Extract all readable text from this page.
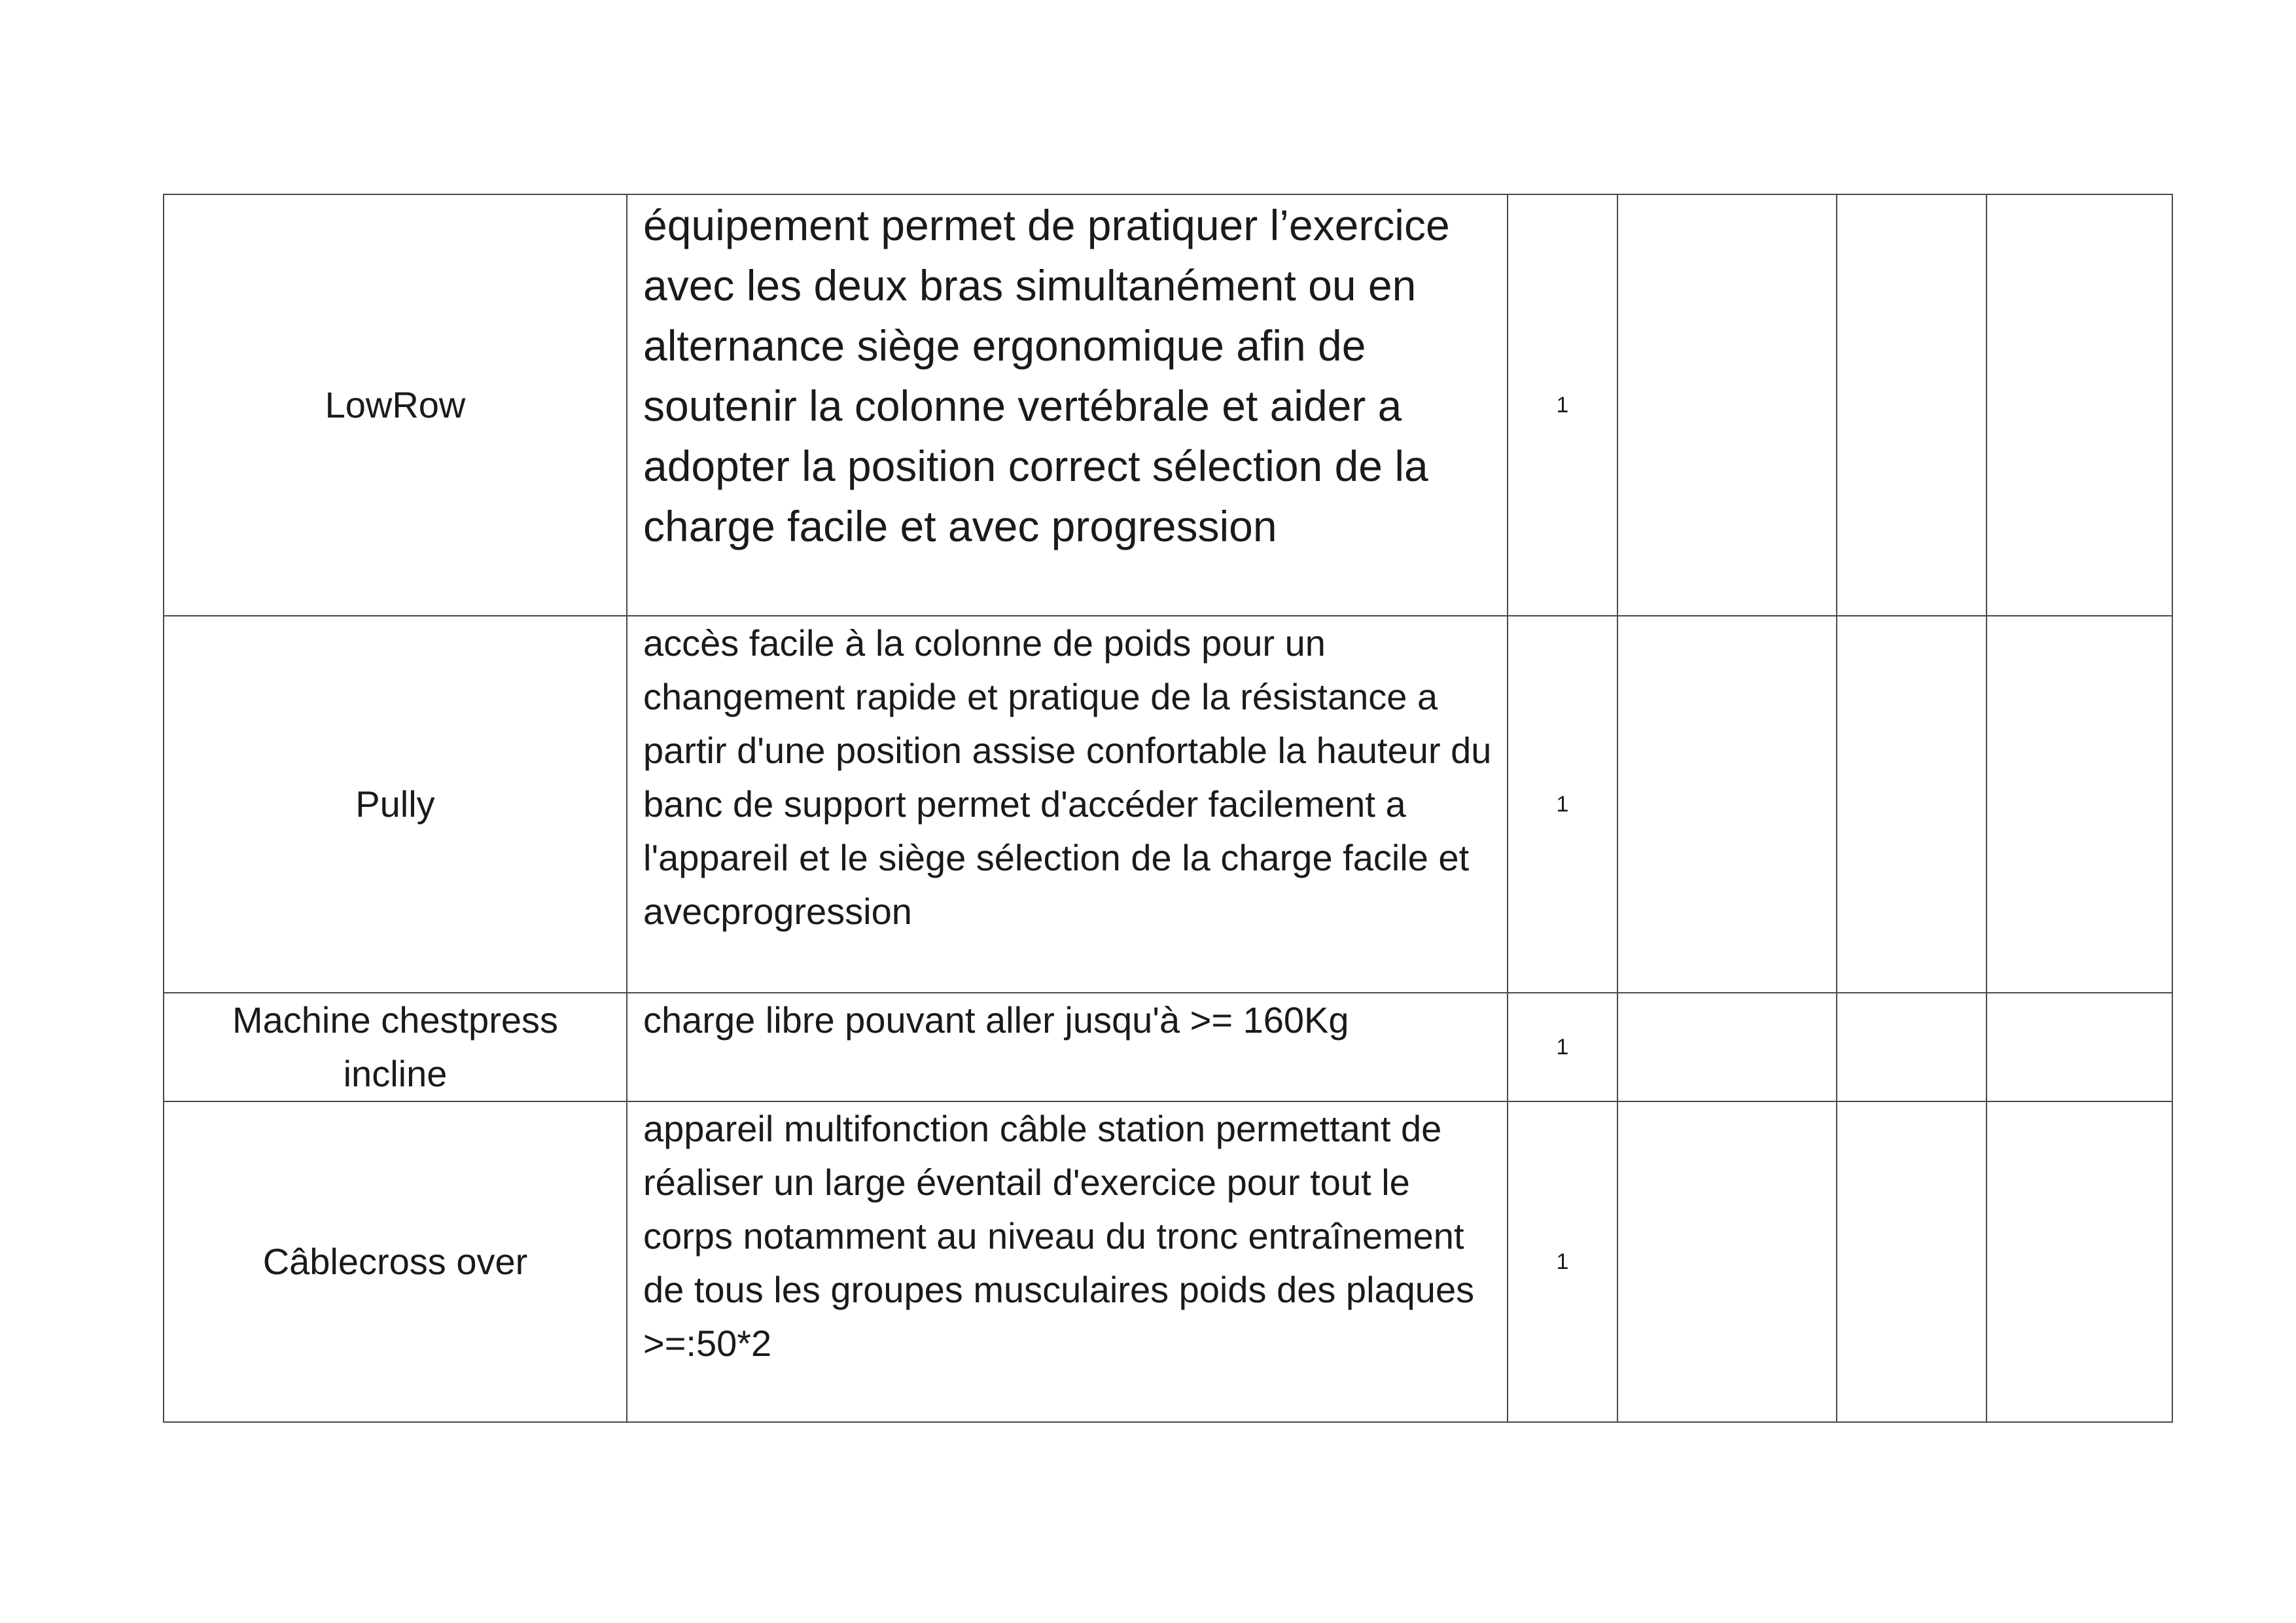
LowRow	équipement permet de pratiquer l’exercice avec les deux bras simultanément ou en alternance siège ergonomique afin de soutenir la colonne vertébrale et aider a adopter la position correct sélection de la charge facile et avec progression	1			

Pully	accès facile à la colonne de poids pour un changement rapide et pratique de la résistance a partir d'une position assise confortable la hauteur du banc de support permet d'accéder facilement a l'appareil et le siège sélection de la charge facile et avecprogression	1			

Machine chestpress incline	charge libre pouvant aller jusqu'à >= 160Kg	1			

Câblecross over	appareil multifonction câble station permettant de réaliser un large éventail d'exercice pour tout le corps notamment au niveau du tronc entraînement de tous les groupes musculaires poids des plaques >=:50*2	1			
